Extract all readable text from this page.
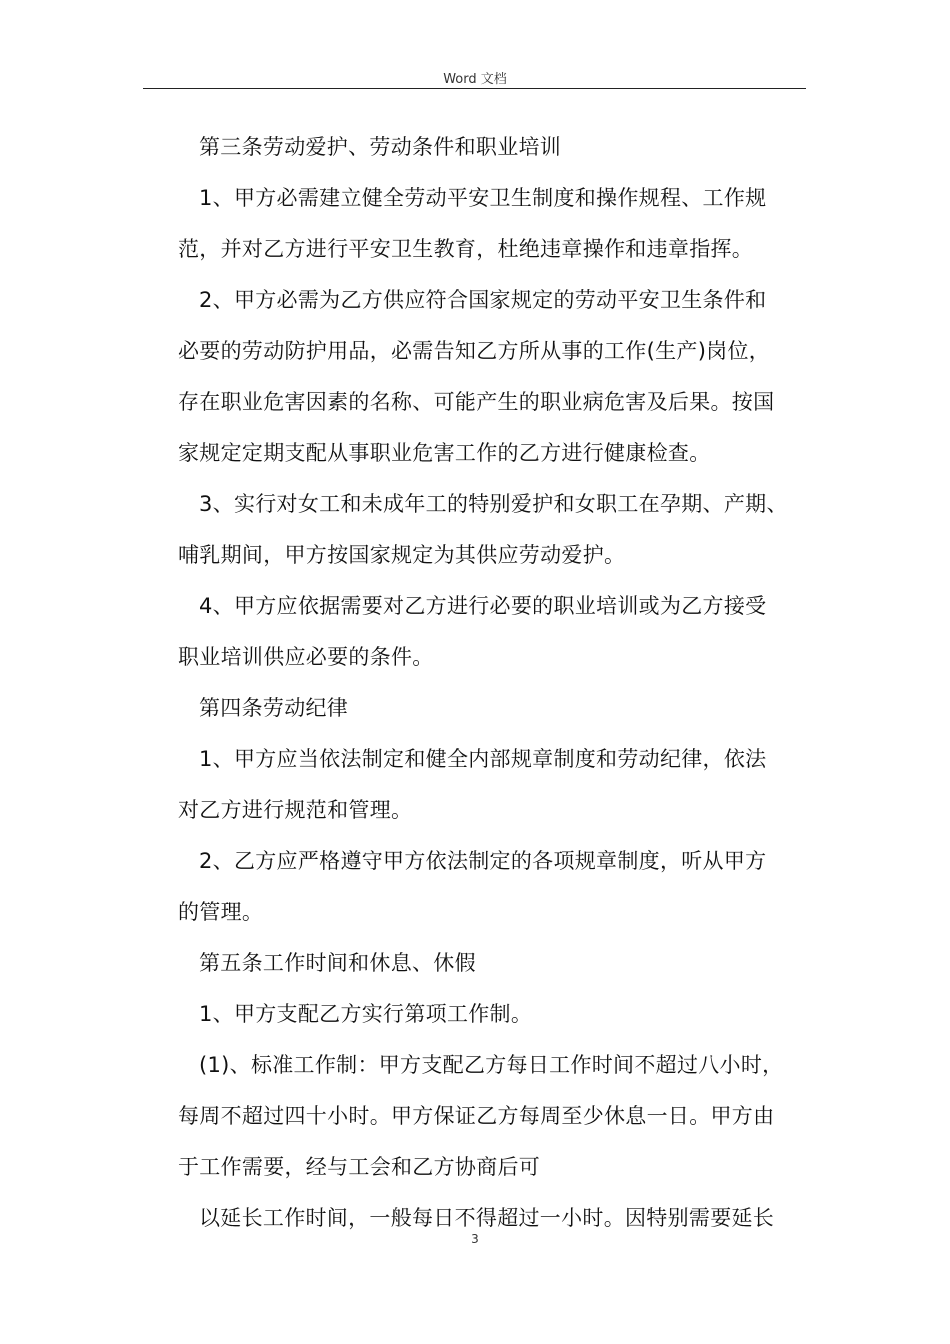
Word 文档
第三条劳动爱护、劳动条件和职业培训
1、甲方必需建立健全劳动平安卫生制度和操作规程、工作规
范，并对乙方进行平安卫生教育，杜绝违章操作和违章指挥。
2、甲方必需为乙方供应符合国家规定的劳动平安卫生条件和
必要的劳动防护用品，必需告知乙方所从事的工作(生产)岗位，
存在职业危害因素的名称、可能产生的职业病危害及后果。按国
家规定定期支配从事职业危害工作的乙方进行健康检查。
3、实行对女工和未成年工的特别爱护和女职工在孕期、产期、
哺乳期间，甲方按国家规定为其供应劳动爱护。
4、甲方应依据需要对乙方进行必要的职业培训或为乙方接受
职业培训供应必要的条件。
第四条劳动纪律
1、甲方应当依法制定和健全内部规章制度和劳动纪律，依法
对乙方进行规范和管理。
2、乙方应严格遵守甲方依法制定的各项规章制度，听从甲方
的管理。
第五条工作时间和休息、休假
1、甲方支配乙方实行第项工作制。
(1)、标准工作制：甲方支配乙方每日工作时间不超过八小时，
每周不超过四十小时。甲方保证乙方每周至少休息一日。甲方由
于工作需要，经与工会和乙方协商后可
以延长工作时间，一般每日不得超过一小时。因特别需要延长
3
